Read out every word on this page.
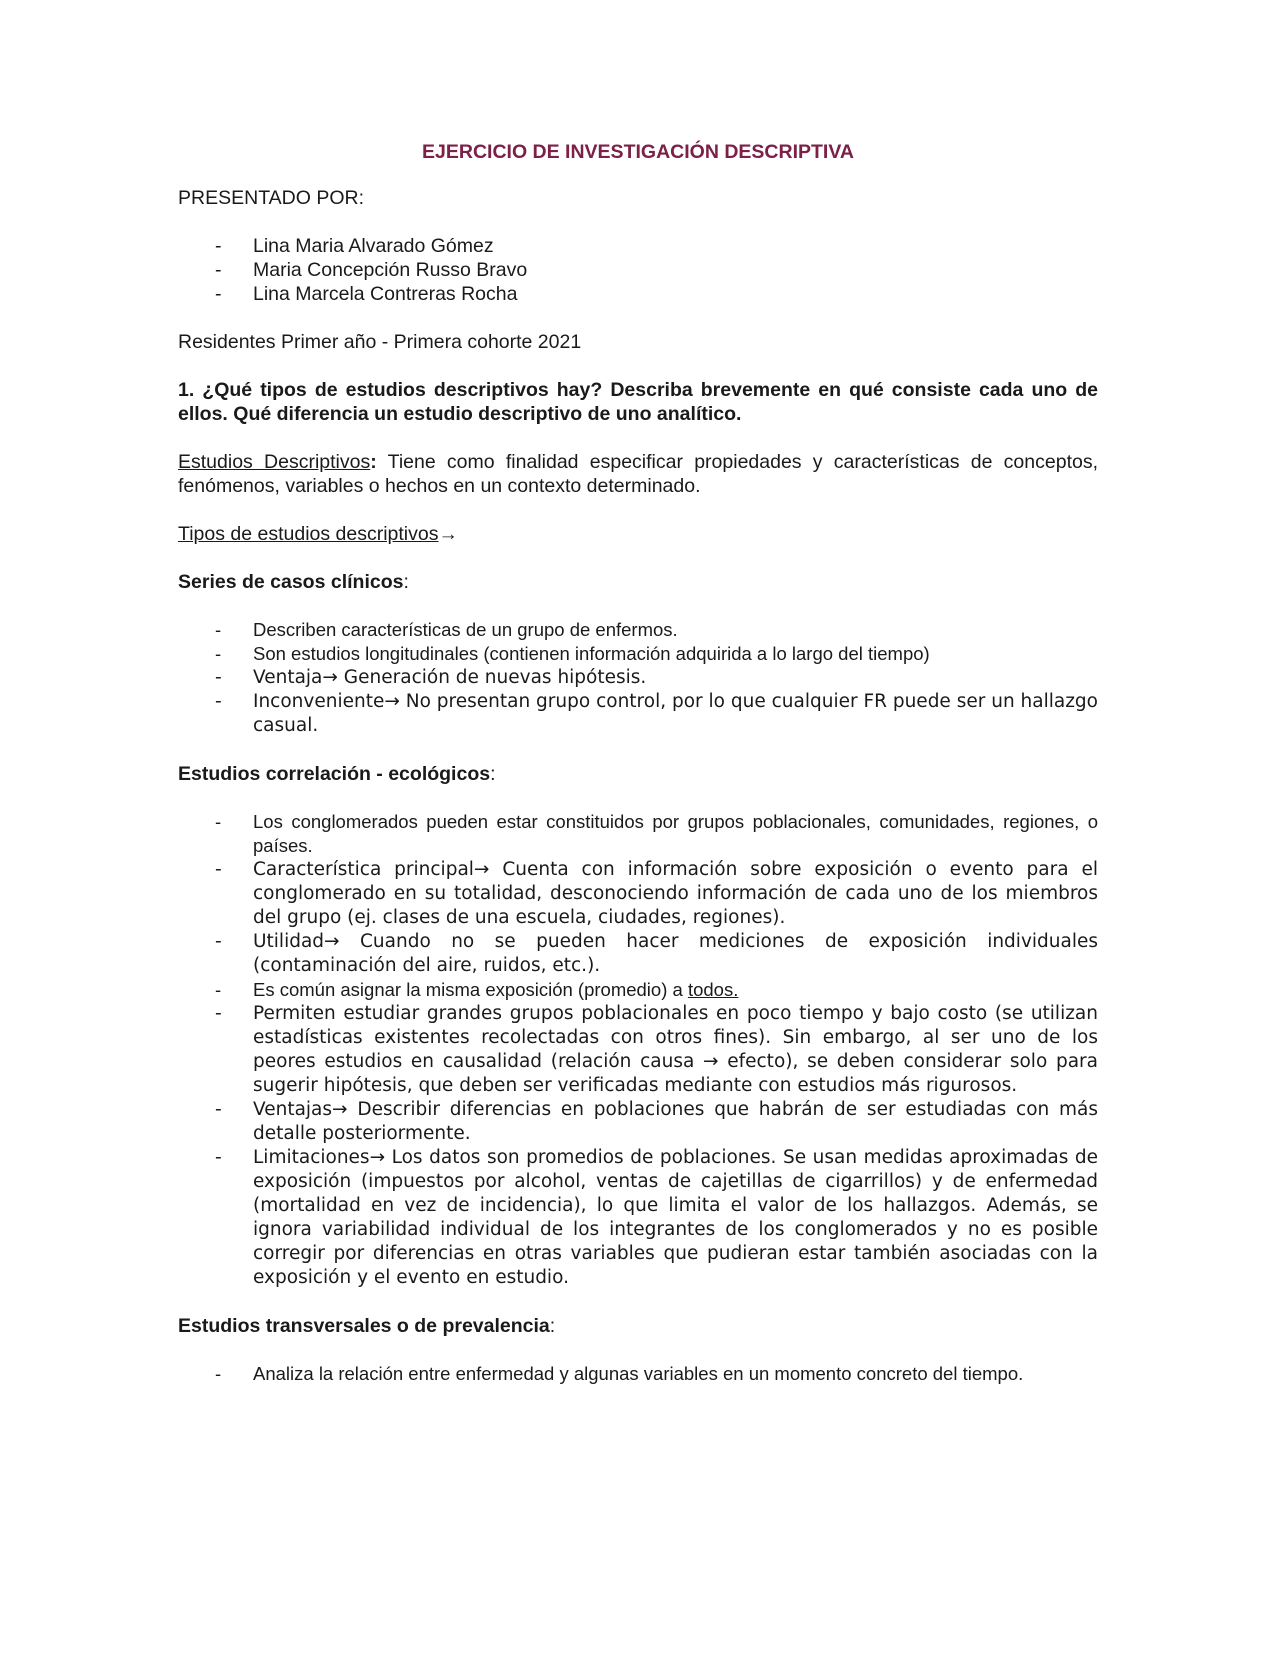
EJERCICIO DE INVESTIGACIÓN DESCRIPTIVA

PRESENTADO POR:

- Lina Maria Alvarado Gómez
- Maria Concepción Russo Bravo
- Lina Marcela Contreras Rocha

Residentes Primer año - Primera cohorte 2021

1. ¿Qué tipos de estudios descriptivos hay? Describa brevemente en qué consiste cada uno de ellos. Qué diferencia un estudio descriptivo de uno analítico.

Estudios Descriptivos: Tiene como finalidad especificar propiedades y características de conceptos, fenómenos, variables o hechos en un contexto determinado.

Tipos de estudios descriptivos→

Series de casos clínicos:

- Describen características de un grupo de enfermos.
- Son estudios longitudinales (contienen información adquirida a lo largo del tiempo)
- Ventaja→ Generación de nuevas hipótesis.
- Inconveniente→ No presentan grupo control, por lo que cualquier FR puede ser un hallazgo casual.

Estudios correlación - ecológicos:

- Los conglomerados pueden estar constituidos por grupos poblacionales, comunidades, regiones, o países.
- Característica principal→ Cuenta con información sobre exposición o evento para el conglomerado en su totalidad, desconociendo información de cada uno de los miembros del grupo (ej. clases de una escuela, ciudades, regiones).
- Utilidad→ Cuando no se pueden hacer mediciones de exposición individuales (contaminación del aire, ruidos, etc.).
- Es común asignar la misma exposición (promedio) a todos.
- Permiten estudiar grandes grupos poblacionales en poco tiempo y bajo costo (se utilizan estadísticas existentes recolectadas con otros fines). Sin embargo, al ser uno de los peores estudios en causalidad (relación causa → efecto), se deben considerar solo para sugerir hipótesis, que deben ser verificadas mediante con estudios más rigurosos.
- Ventajas→ Describir diferencias en poblaciones que habrán de ser estudiadas con más detalle posteriormente.
- Limitaciones→ Los datos son promedios de poblaciones. Se usan medidas aproximadas de exposición (impuestos por alcohol, ventas de cajetillas de cigarrillos) y de enfermedad (mortalidad en vez de incidencia), lo que limita el valor de los hallazgos. Además, se ignora variabilidad individual de los integrantes de los conglomerados y no es posible corregir por diferencias en otras variables que pudieran estar también asociadas con la exposición y el evento en estudio.

Estudios transversales o de prevalencia:

- Analiza la relación entre enfermedad y algunas variables en un momento concreto del tiempo.
